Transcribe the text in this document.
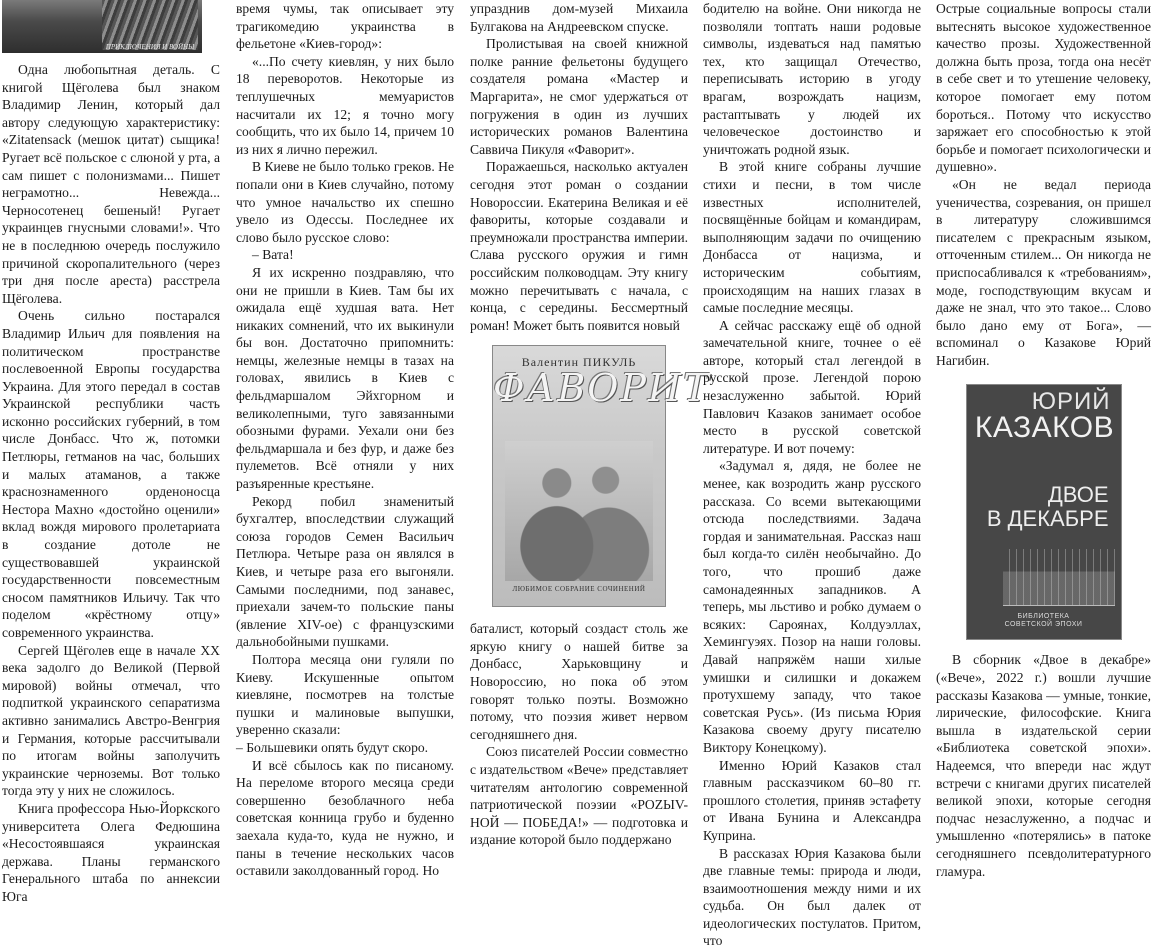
ПРИКЛЮЧЕНИЯ И ВОЙНЫ

Одна любопытная деталь. С книгой Щёголева был знаком Владимир Ленин, который дал автору следующую характеристику: «Zitatensack (мешок цитат) сыщика! Ругает всё польское с слюной у рта, а сам пишет с полонизмами... Пишет неграмотно... Невежда... Черносотенец бешеный! Ругает украинцев гнусными словами!». Что не в последнюю очередь послужило причиной скоропалительного (через три дня после ареста) расстрела Щёголева.

Очень сильно постарался Владимир Ильич для появления на политическом пространстве послевоенной Европы государства Украина. Для этого передал в состав Украинской республики часть исконно российских губерний, в том числе Донбасс. Что ж, потомки Петлюры, гетманов на час, больших и малых атаманов, а также краснознаменного орденоносца Нестора Махно «достойно оценили» вклад вождя мирового пролетариата в создание дотоле не существовавшей украинской государственности повсеместным сносом памятников Ильичу. Так что поделом «крёстному отцу» современного украинства.

Сергей Щёголев еще в начале XX века задолго до Великой (Первой мировой) войны отмечал, что подпиткой украинского сепаратизма активно занимались Австро-Венгрия и Германия, которые рассчитывали по итогам войны заполучить украинские черноземы. Вот только тогда эту у них не сложилось.

Книга профессора Нью-Йоркского университета Олега Федюшина «Несостоявшаяся украинская держава. Планы германского Генерального штаба по аннексии Юга

время чумы, так описывает эту трагикомедию украинства в фельетоне «Киев-город»:

«...По счету киевлян, у них было 18 переворотов. Некоторые из теплушечных мемуаристов насчитали их 12; я точно могу сообщить, что их было 14, причем 10 из них я лично пережил.

В Киеве не было только греков. Не попали они в Киев случайно, потому что умное начальство их спешно увело из Одессы. Последнее их слово было русское слово:

– Вата!

Я их искренно поздравляю, что они не пришли в Киев. Там бы их ожидала ещё худшая вата. Нет никаких сомнений, что их выкинули бы вон. Достаточно припомнить: немцы, железные немцы в тазах на головах, явились в Киев с фельдмаршалом Эйхгорном и великолепными, туго завязанными обозными фурами. Уехали они без фельдмаршала и без фур, и даже без пулеметов. Всё отняли у них разъяренные крестьяне.

Рекорд побил знаменитый бухгалтер, впоследствии служащий союза городов Семен Васильич Петлюра. Четыре раза он являлся в Киев, и четыре раза его выгоняли. Самыми последними, под занавес, приехали зачем-то польские паны (явление XIV-ое) с французскими дальнобойными пушками.

Полтора месяца они гуляли по Киеву. Искушенные опытом киевляне, посмотрев на толстые пушки и малиновые выпушки, уверенно сказали:

– Большевики опять будут скоро.

И всё сбылось как по писаному. На переломе второго месяца среди совершенно безоблачного неба советская конница грубо и буденно заехала куда-то, куда не нужно, и паны в течение нескольких часов оставили заколдованный город. Но

упразднив дом-музей Михаила Булгакова на Андреевском спуске.

Пролистывая на своей книжной полке ранние фельетоны будущего создателя романа «Мастер и Маргарита», не смог удержаться от погружения в один из лучших исторических романов Валентина Саввича Пикуля «Фаворит».

Поражаешься, насколько актуален сегодня этот роман о создании Новороссии. Екатерина Великая и её фавориты, которые создавали и преумножали пространства империи. Слава русского оружия и гимн российским полководцам. Эту книгу можно перечитывать с начала, с конца, с середины. Бессмертный роман! Может быть появится новый

Валентин ПИКУЛЬ
ФАВОРИТ
ЛЮБИМОЕ СОБРАНИЕ СОЧИНЕНИЙ

баталист, который создаст столь же яркую книгу о нашей битве за Донбасс, Харьковщину и Новороссию, но пока об этом говорят только поэты. Возможно потому, что поэзия живет нервом сегодняшнего дня.

Союз писателей России совместно с издательством «Вече» представляет читателям антологию современной патриотической поэзии «POZЫV-НОЙ — ПОБЕДА!» — подготовка и издание которой было поддержано

бодителю на войне. Они никогда не позволяли топтать наши родовые символы, издеваться над памятью тех, кто защищал Отечество, переписывать историю в угоду врагам, возрождать нацизм, растаптывать у людей их человеческое достоинство и уничтожать родной язык.

В этой книге собраны лучшие стихи и песни, в том числе известных исполнителей, посвящённые бойцам и командирам, выполняющим задачи по очищению Донбасса от нацизма, и историческим событиям, происходящим на наших глазах в самые последние месяцы.

А сейчас расскажу ещё об одной замечательной книге, точнее о её авторе, который стал легендой в русской прозе. Легендой порою незаслуженно забытой. Юрий Павлович Казаков занимает особое место в русской советской литературе. И вот почему:

«Задумал я, дядя, не более не менее, как возродить жанр русского рассказа. Со всеми вытекающими отсюда последствиями. Задача гордая и занимательная. Рассказ наш был когда-то силён необычайно. До того, что прошиб даже самонадеянных западников. А теперь, мы льстиво и робко думаем о всяких: Сароянах, Колдуэллах, Хемингуэях. Позор на наши головы. Давай напряжём наши хилые умишки и силишки и докажем протухшему западу, что такое советская Русь». (Из письма Юрия Казакова своему другу писателю Виктору Конецкому).

Именно Юрий Казаков стал главным рассказчиком 60–80 гг. прошлого столетия, приняв эстафету от Ивана Бунина и Александра Куприна.

В рассказах Юрия Казакова были две главные темы: природа и люди, взаимоотношения между ними и их судьба. Он был далек от идеологических постулатов. Притом, что

Острые социальные вопросы стали вытеснять высокое художественное качество прозы. Художественной должна быть проза, тогда она несёт в себе свет и то утешение человеку, которое помогает ему потом бороться.. Потому что искусство заряжает его способностью к этой борьбе и помогает психологически и душевно».

«Он не ведал периода ученичества, созревания, он пришел в литературу сложившимся писателем с прекрасным языком, отточенным стилем... Он никогда не приспосабливался к «требованиям», моде, господствующим вкусам и даже не знал, что это такое... Слово было дано ему от Бога», — вспоминал о Казакове Юрий Нагибин.

ЮРИЙ
КАЗАКОВ
ДВОЕ
В ДЕКАБРЕ
БИБЛИОТЕКА
СОВЕТСКОЙ ЭПОХИ

В сборник «Двое в декабре» («Вече», 2022 г.) вошли лучшие рассказы Казакова — умные, тонкие, лирические, философские. Книга вышла в издательской серии «Библиотека советской эпохи». Надеемся, что впереди нас ждут встречи с книгами других писателей великой эпохи, которые сегодня подчас незаслуженно, а подчас и умышленно «потерялись» в патоке сегодняшнего псевдолитературного гламура.
